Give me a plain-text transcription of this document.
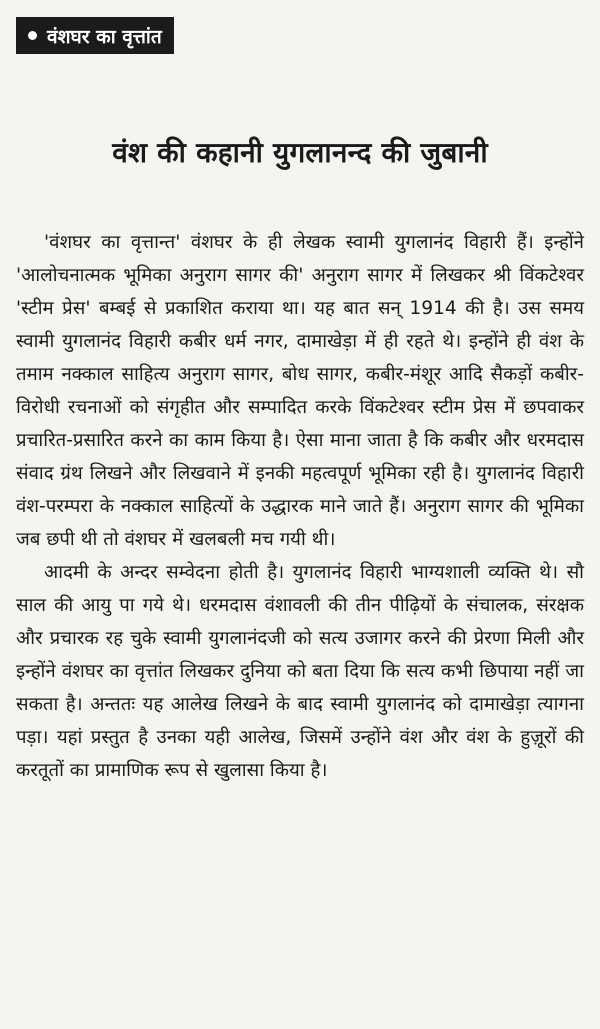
वंशघर का वृत्तांत
वंश की कहानी युगलानन्द की जुबानी

'वंशघर का वृत्तान्त' वंशघर के ही लेखक स्वामी युगलानंद विहारी हैं। इन्होंने 'आलोचनात्मक भूमिका अनुराग सागर की' अनुराग सागर में लिखकर श्री विंकटेश्वर 'स्टीम प्रेस' बम्बई से प्रकाशित कराया था। यह बात सन् 1914 की है। उस समय स्वामी युगलानंद विहारी कबीर धर्म नगर, दामाखेड़ा में ही रहते थे। इन्होंने ही वंश के तमाम नक्काल साहित्य अनुराग सागर, बोध सागर, कबीर-मंशूर आदि सैकड़ों कबीर-विरोधी रचनाओं को संगृहीत और सम्पादित करके विंकटेश्वर स्टीम प्रेस में छपवाकर प्रचारित-प्रसारित करने का काम किया है। ऐसा माना जाता है कि कबीर और धरमदास संवाद ग्रंथ लिखने और लिखवाने में इनकी महत्वपूर्ण भूमिका रही है। युगलानंद विहारी वंश-परम्परा के नक्काल साहित्यों के उद्धारक माने जाते हैं। अनुराग सागर की भूमिका जब छपी थी तो वंशघर में खलबली मच गयी थी।

आदमी के अन्दर सम्वेदना होती है। युगलानंद विहारी भाग्यशाली व्यक्ति थे। सौ साल की आयु पा गये थे। धरमदास वंशावली की तीन पीढ़ियों के संचालक, संरक्षक और प्रचारक रह चुके स्वामी युगलानंदजी को सत्य उजागर करने की प्रेरणा मिली और इन्होंने वंशघर का वृत्तांत लिखकर दुनिया को बता दिया कि सत्य कभी छिपाया नहीं जा सकता है। अन्ततः यह आलेख लिखने के बाद स्वामी युगलानंद को दामाखेड़ा त्यागना पड़ा। यहां प्रस्तुत है उनका यही आलेख, जिसमें उन्होंने वंश और वंश के हुज़ूरों की करतूतों का प्रामाणिक रूप से खुलासा किया है।
